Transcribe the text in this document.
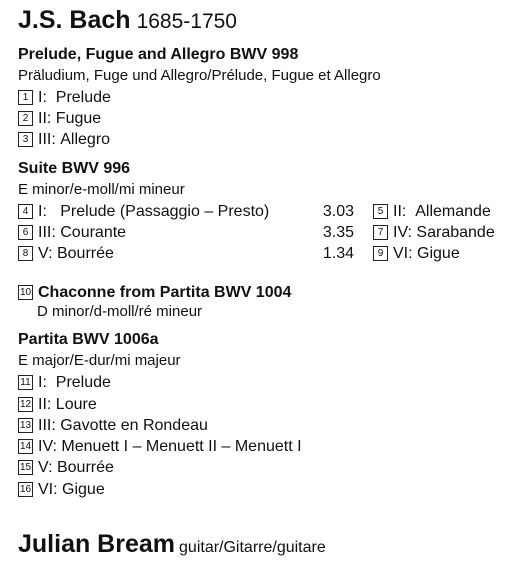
J.S. Bach 1685-1750
Prelude, Fugue and Allegro BWV 998
Präludium, Fuge und Allegro/Prélude, Fugue et Allegro
1 I: Prelude
2 II: Fugue
3 III: Allegro
Suite BWV 996
E minor/e-moll/mi mineur
4 I: Prelude (Passaggio – Presto)	3.03	5 II: Allemande
6 III: Courante	3.35	7 IV: Sarabande
8 V: Bourrée	1.34	9 VI: Gigue
10 Chaconne from Partita BWV 1004
D minor/d-moll/ré mineur
Partita BWV 1006a
E major/E-dur/mi majeur
11 I: Prelude
12 II: Loure
13 III: Gavotte en Rondeau
14 IV: Menuett I – Menuett II – Menuett I
15 V: Bourrée
16 VI: Gigue
Julian Bream guitar/Gitarre/guitare
